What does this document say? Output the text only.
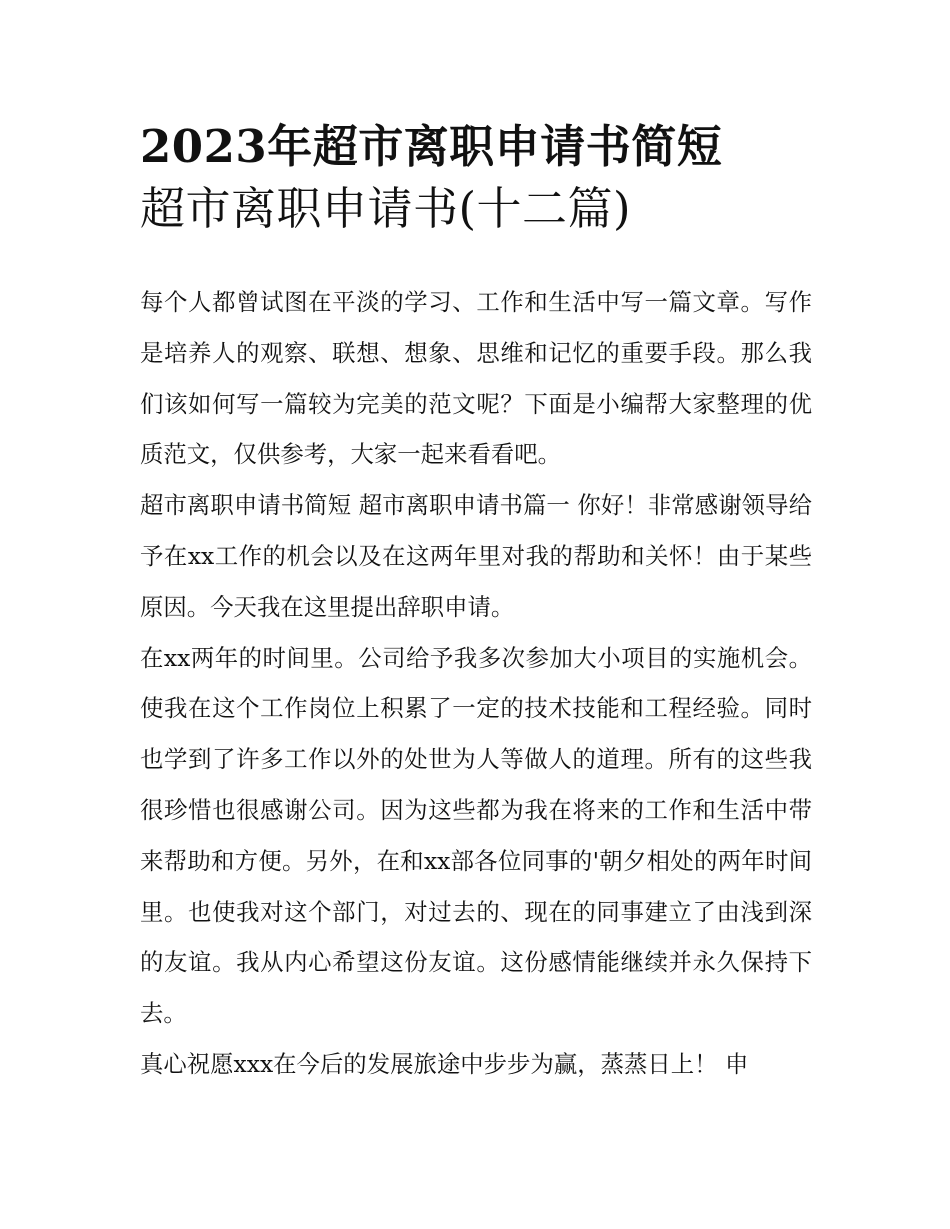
2023年超市离职申请书简短
超市离职申请书(十二篇)

每个人都曾试图在平淡的学习、工作和生活中写一篇文章。写作是培养人的观察、联想、想象、思维和记忆的重要手段。那么我们该如何写一篇较为完美的范文呢？下面是小编帮大家整理的优质范文，仅供参考，大家一起来看看吧。

超市离职申请书简短 超市离职申请书篇一 你好！非常感谢领导给予在xx工作的机会以及在这两年里对我的帮助和关怀！由于某些原因。今天我在这里提出辞职申请。

在xx两年的时间里。公司给予我多次参加大小项目的实施机会。使我在这个工作岗位上积累了一定的技术技能和工程经验。同时也学到了许多工作以外的处世为人等做人的道理。所有的这些我很珍惜也很感谢公司。因为这些都为我在将来的工作和生活中带来帮助和方便。另外，在和xx部各位同事的'朝夕相处的两年时间里。也使我对这个部门，对过去的、现在的同事建立了由浅到深的友谊。我从内心希望这份友谊。这份感情能继续并永久保持下去。

真心祝愿xxx在今后的发展旅途中步步为赢，蒸蒸日上！ 申
